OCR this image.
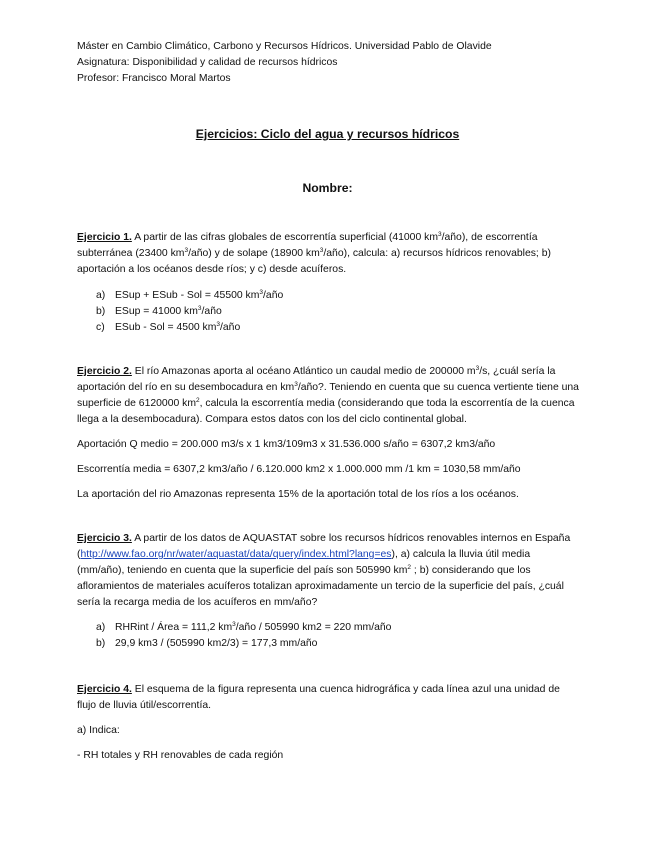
Máster en Cambio Climático, Carbono y Recursos Hídricos. Universidad Pablo de Olavide
Asignatura: Disponibilidad y calidad de recursos hídricos
Profesor: Francisco Moral Martos
Ejercicios: Ciclo del agua y recursos hídricos
Nombre:

Ejercicio 1. A partir de las cifras globales de escorrentía superficial (41000 $km^3/año$), de escorrentía subterránea (23400 $km^3/año$) y de solape (18900 $km^3/año$), calcula: a) recursos hídricos renovables; b) aportación a los océanos desde ríos; y c) desde acuíferos.

a) ESup + ESub - Sol = 45500 $km^3$/año
b) ESup = 41000 $km^3$/año
c) ESub - Sol = 4500 $km^3$/año

Ejercicio 2. El río Amazonas aporta al océano Atlántico un caudal medio de 200000 $m^3/s$, ¿cuál sería la aportación del río en su desembocadura en $km^3$/año?. Teniendo en cuenta que su cuenca vertiente tiene una superficie de 6120000 $km^2$, calcula la escorrentía media (considerando que toda la escorrentía de la cuenca llega a la desembocadura). Compara estos datos con los del ciclo continental global.

Aportación Q medio = 200.000 m3/s x 1 km3/109m3 x 31.536.000 s/año = 6307,2 km3/año

Escorrentía media = 6307,2 km3/año / 6.120.000 km2 x 1.000.000 mm /1 km = 1030,58 mm/año

La aportación del rio Amazonas representa 15% de la aportación total de los ríos a los océanos.

Ejercicio 3. A partir de los datos de AQUASTAT sobre los recursos hídricos renovables internos en España (http://www.fao.org/nr/water/aquastat/data/query/index.html?lang=es), a) calcula la lluvia útil media (mm/año), teniendo en cuenta que la superficie del país son 505990 $km^2$ ; b) considerando que los afloramientos de materiales acuíferos totalizan aproximadamente un tercio de la superficie del país, ¿cuál sería la recarga media de los acuíferos en mm/año?

a) RHRint / Área = 111,2 $km^3$/año / 505990 km2 = 220 mm/año
b) 29,9 km3 / (505990 km2/3) = 177,3 mm/año

Ejercicio 4. El esquema de la figura representa una cuenca hidrográfica y cada línea azul una unidad de flujo de lluvia útil/escorrentía.

a) Indica:

- RH totales y RH renovables de cada región
